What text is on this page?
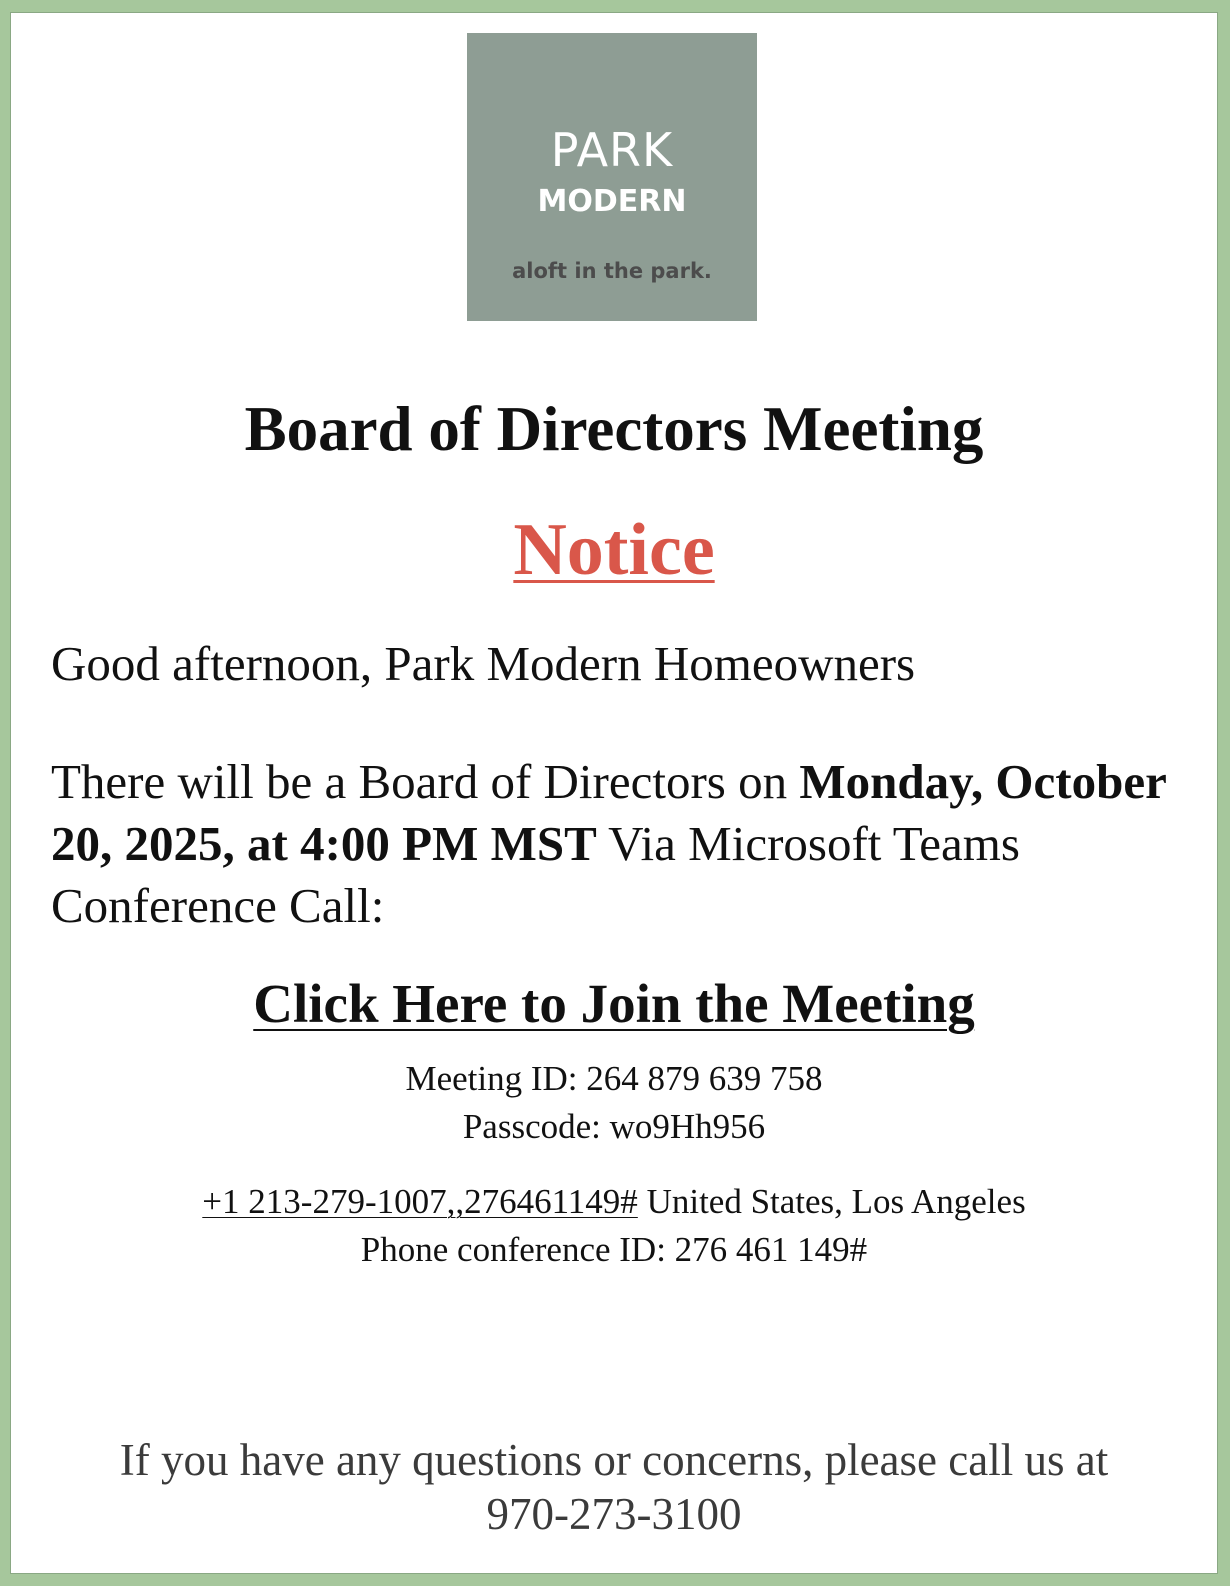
PARK
MODERN
aloft in the park.
Board of Directors Meeting
Notice
Good afternoon, Park Modern Homeowners
There will be a Board of Directors on Monday, October 20, 2025, at 4:00 PM MST Via Microsoft Teams Conference Call:
Click Here to Join the Meeting
Meeting ID: 264 879 639 758
Passcode: wo9Hh956
+1 213-279-1007,,276461149# United States, Los Angeles
Phone conference ID: 276 461 149#
If you have any questions or concerns, please call us at
970-273-3100
